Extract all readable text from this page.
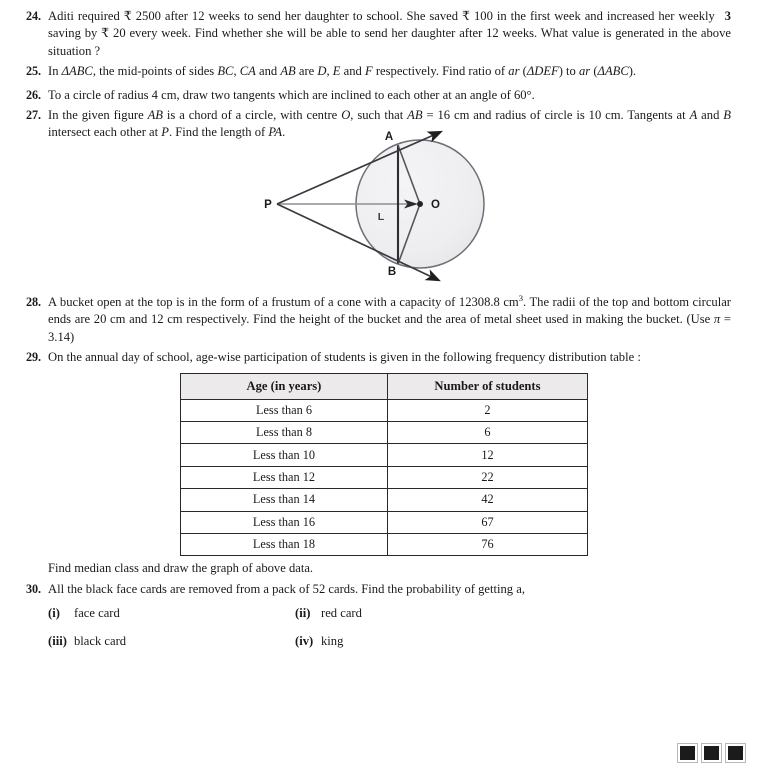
24.	3
Aditi required ₹ 2500 after 12 weeks to send her daughter to school. She saved ₹ 100 in the first week and increased her weekly saving by ₹ 20 every week. Find whether she will be able to send her daughter after 12 weeks. What value is generated in the above situation ?
25. In ΔABC, the mid-points of sides BC, CA and AB are D, E and F respectively. Find ratio of ar (ΔDEF) to ar (ΔABC).
26. To a circle of radius 4 cm, draw two tangents which are inclined to each other at an angle of 60°.
27. In the given figure AB is a chord of a circle, with centre O, such that AB = 16 cm and radius of circle is 10 cm. Tangents at A and B intersect each other at P. Find the length of PA.	A
B
P	O
L
28. A bucket open at the top is in the form of a frustum of a cone with a capacity of 12308.8 $cm^3$. The radii of the top and bottom circular ends are 20 cm and 12 cm respectively. Find the height of the bucket and the area of metal sheet used in making the bucket. (Use π = 3.14)
29. On the annual day of school, age-wise participation of students is given in the following frequency distribution table :
Age (in years)	Number of students
Less than 6	2
Less than 8	6
Less than 10	12
Less than 12	22
Less than 14	42
Less than 16	67
Less than 18	76
Find median class and draw the graph of above data.
30. All the black face cards are removed from a pack of 52 cards. Find the probability of getting a,
(i)	face card	(ii) red card
(iii) black card	(iv) king
